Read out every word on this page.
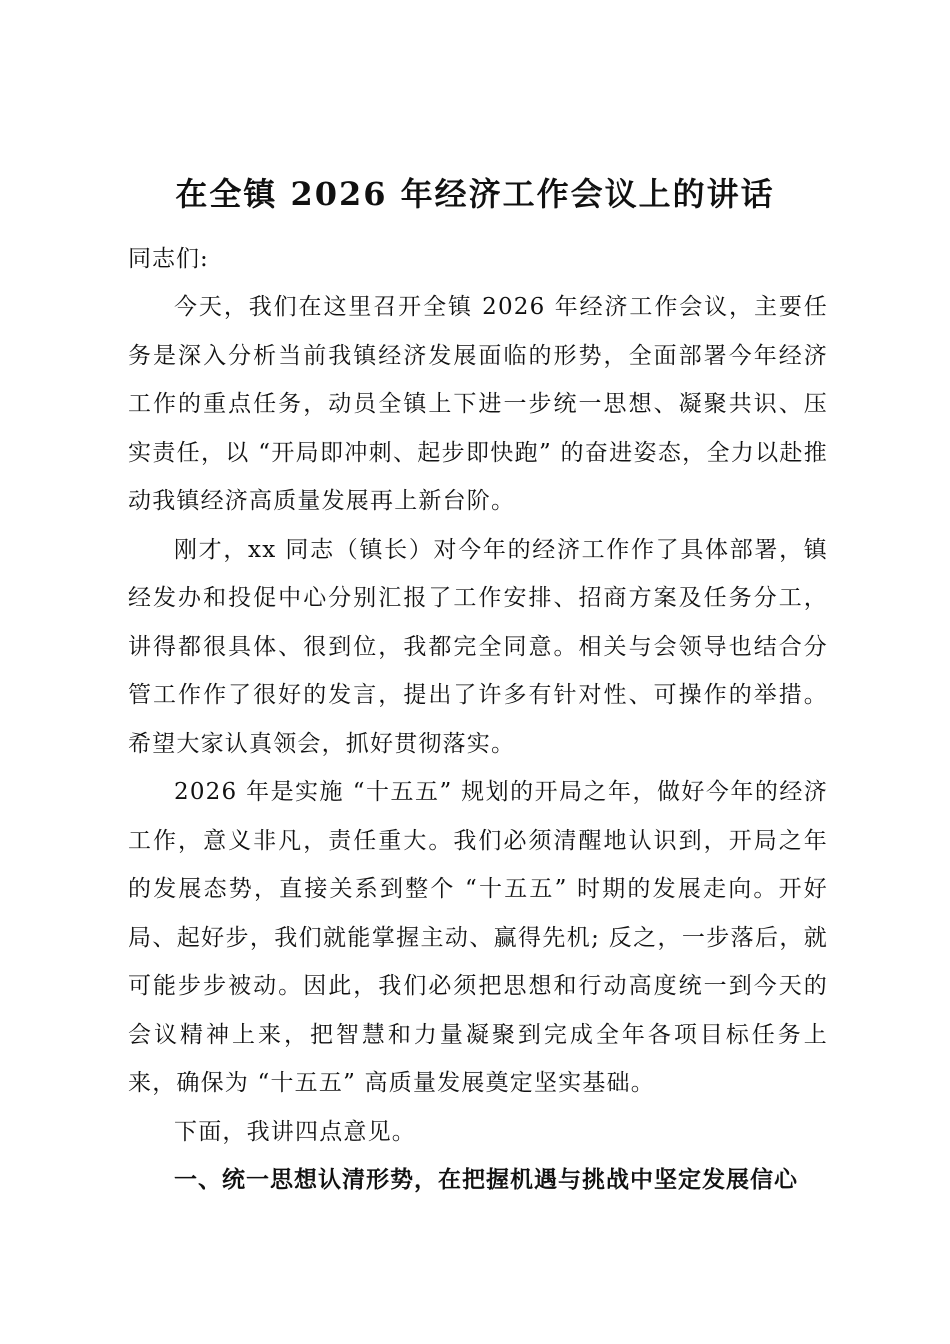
在全镇 2026 年经济工作会议上的讲话

同志们:

今天，我们在这里召开全镇 2026 年经济工作会议，主要任务是深入分析当前我镇经济发展面临的形势，全面部署今年经济工作的重点任务，动员全镇上下进一步统一思想、凝聚共识、压实责任，以 “开局即冲刺、起步即快跑” 的奋进姿态，全力以赴推动我镇经济高质量发展再上新台阶。

刚才，xx 同志（镇长）对今年的经济工作作了具体部署，镇经发办和投促中心分别汇报了工作安排、招商方案及任务分工，讲得都很具体、很到位，我都完全同意。相关与会领导也结合分管工作作了很好的发言，提出了许多有针对性、可操作的举措。希望大家认真领会，抓好贯彻落实。

2026 年是实施 “十五五” 规划的开局之年，做好今年的经济工作，意义非凡，责任重大。我们必须清醒地认识到，开局之年的发展态势，直接关系到整个 “十五五” 时期的发展走向。开好局、起好步，我们就能掌握主动、赢得先机; 反之，一步落后，就可能步步被动。因此，我们必须把思想和行动高度统一到今天的会议精神上来，把智慧和力量凝聚到完成全年各项目标任务上来，确保为 “十五五” 高质量发展奠定坚实基础。

下面，我讲四点意见。

一、统一思想认清形势，在把握机遇与挑战中坚定发展信心
